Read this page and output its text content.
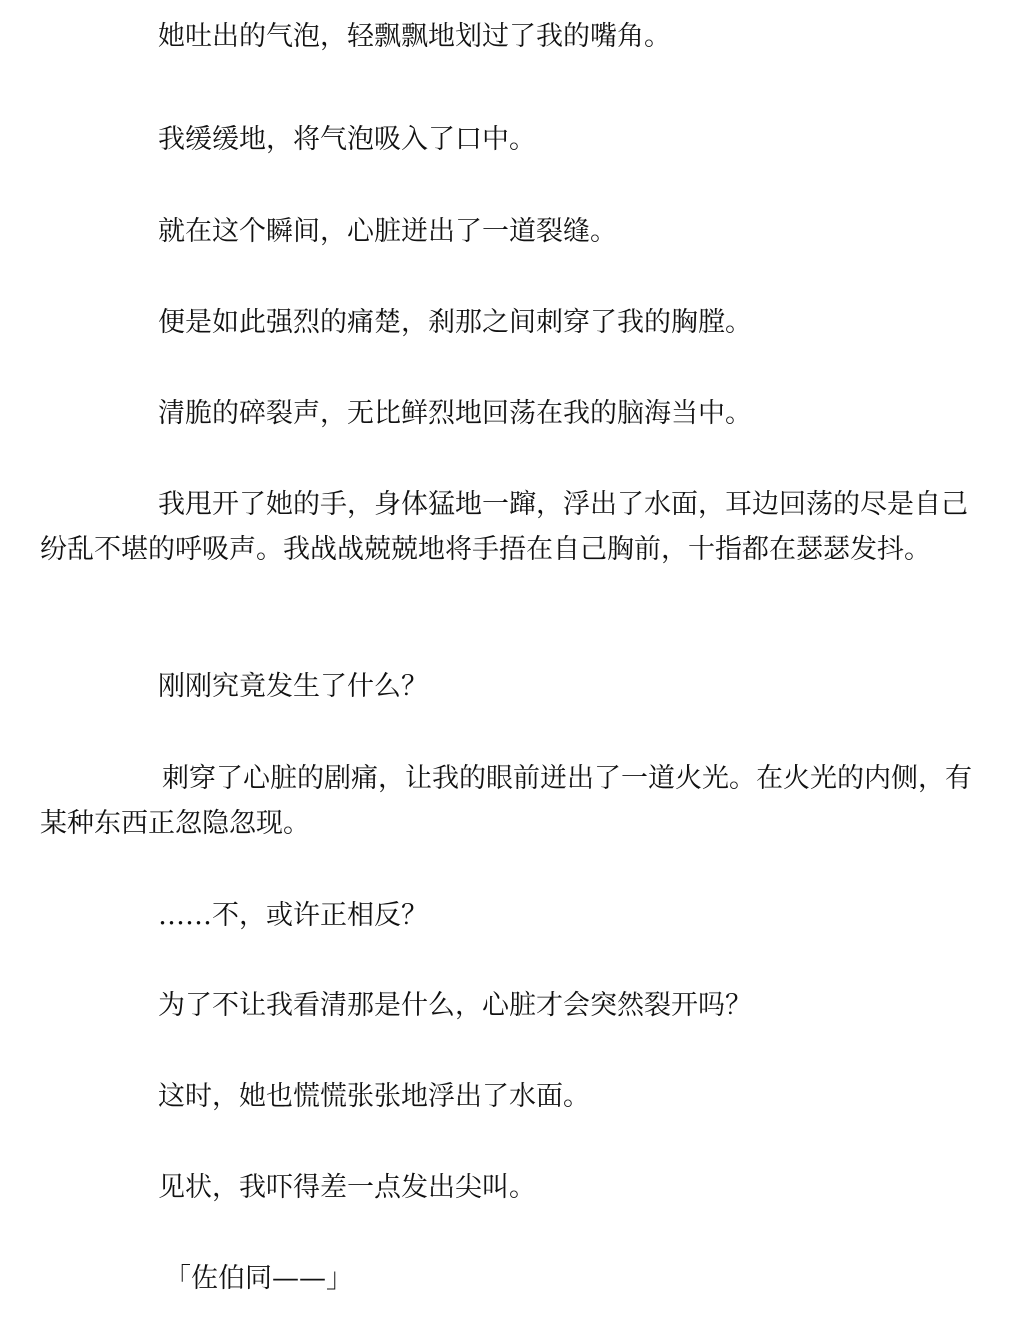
她吐出的气泡，轻飘飘地划过了我的嘴角。

我缓缓地，将气泡吸入了口中。

就在这个瞬间，心脏迸出了一道裂缝。

便是如此强烈的痛楚，刹那之间刺穿了我的胸膛。

清脆的碎裂声，无比鲜烈地回荡在我的脑海当中。

我甩开了她的手，身体猛地一蹿，浮出了水面，耳边回荡的尽是自己纷乱不堪的呼吸声。我战战兢兢地将手捂在自己胸前，十指都在瑟瑟发抖。

刚刚究竟发生了什么？

刺穿了心脏的剧痛，让我的眼前迸出了一道火光。在火光的内侧，有某种东西正忽隐忽现。

……不，或许正相反？

为了不让我看清那是什么，心脏才会突然裂开吗？

这时，她也慌慌张张地浮出了水面。

见状，我吓得差一点发出尖叫。

「佐伯同——」
